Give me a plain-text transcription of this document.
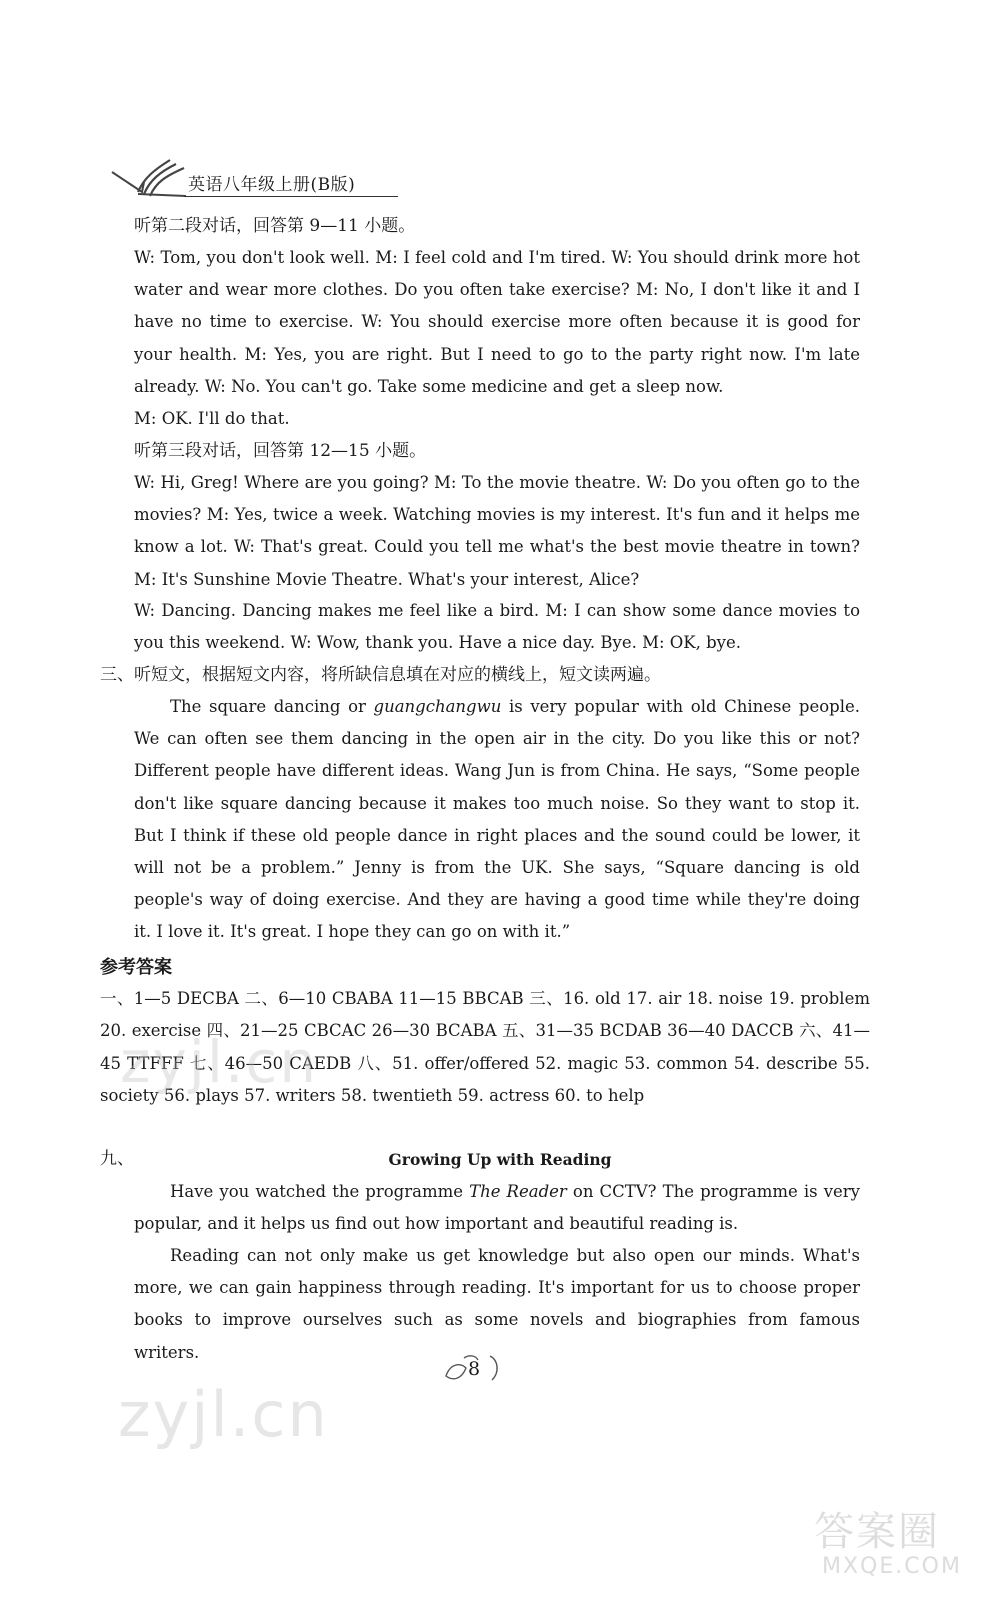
英语八年级上册(B版)

听第二段对话，回答第 9—11 小题。

W: Tom, you don't look well. M: I feel cold and I'm tired. W: You should drink more hot water and wear more clothes. Do you often take exercise? M: No, I don't like it and I have no time to exercise. W: You should exercise more often because it is good for your health. M: Yes, you are right. But I need to go to the party right now. I'm late already. W: No. You can't go. Take some medicine and get a sleep now.

M: OK. I'll do that.

听第三段对话，回答第 12—15 小题。

W: Hi, Greg! Where are you going? M: To the movie theatre. W: Do you often go to the movies? M: Yes, twice a week. Watching movies is my interest. It's fun and it helps me know a lot. W: That's great. Could you tell me what's the best movie theatre in town? M: It's Sunshine Movie Theatre. What's your interest, Alice?

W: Dancing. Dancing makes me feel like a bird. M: I can show some dance movies to you this weekend. W: Wow, thank you. Have a nice day. Bye. M: OK, bye.

三、听短文，根据短文内容，将所缺信息填在对应的横线上，短文读两遍。

The square dancing or guangchangwu is very popular with old Chinese people. We can often see them dancing in the open air in the city. Do you like this or not? Different people have different ideas. Wang Jun is from China. He says, “Some people don't like square dancing because it makes too much noise. So they want to stop it. But I think if these old people dance in right places and the sound could be lower, it will not be a problem.” Jenny is from the UK. She says, “Square dancing is old people's way of doing exercise. And they are having a good time while they're doing it. I love it. It's great. I hope they can go on with it.”

参考答案

一、1—5 DECBA 二、6—10 CBABA 11—15 BBCAB 三、16. old 17. air 18. noise 19. problem 20. exercise 四、21—25 CBCAC 26—30 BCABA 五、31—35 BCDAB 36—40 DACCB 六、41—45 TTFFF 七、46—50 CAEDB 八、51. offer/offered 52. magic 53. common 54. describe 55. society 56. plays 57. writers 58. twentieth 59. actress 60. to help

九、	Growing Up with Reading

Have you watched the programme The Reader on CCTV? The programme is very popular, and it helps us find out how important and beautiful reading is.

Reading can not only make us get knowledge but also open our minds. What's more, we can gain happiness through reading. It's important for us to choose proper books to improve ourselves such as some novels and biographies from famous writers.

8
zyjl.cn
zyjl.cn
答案圈
MXQE.COM
